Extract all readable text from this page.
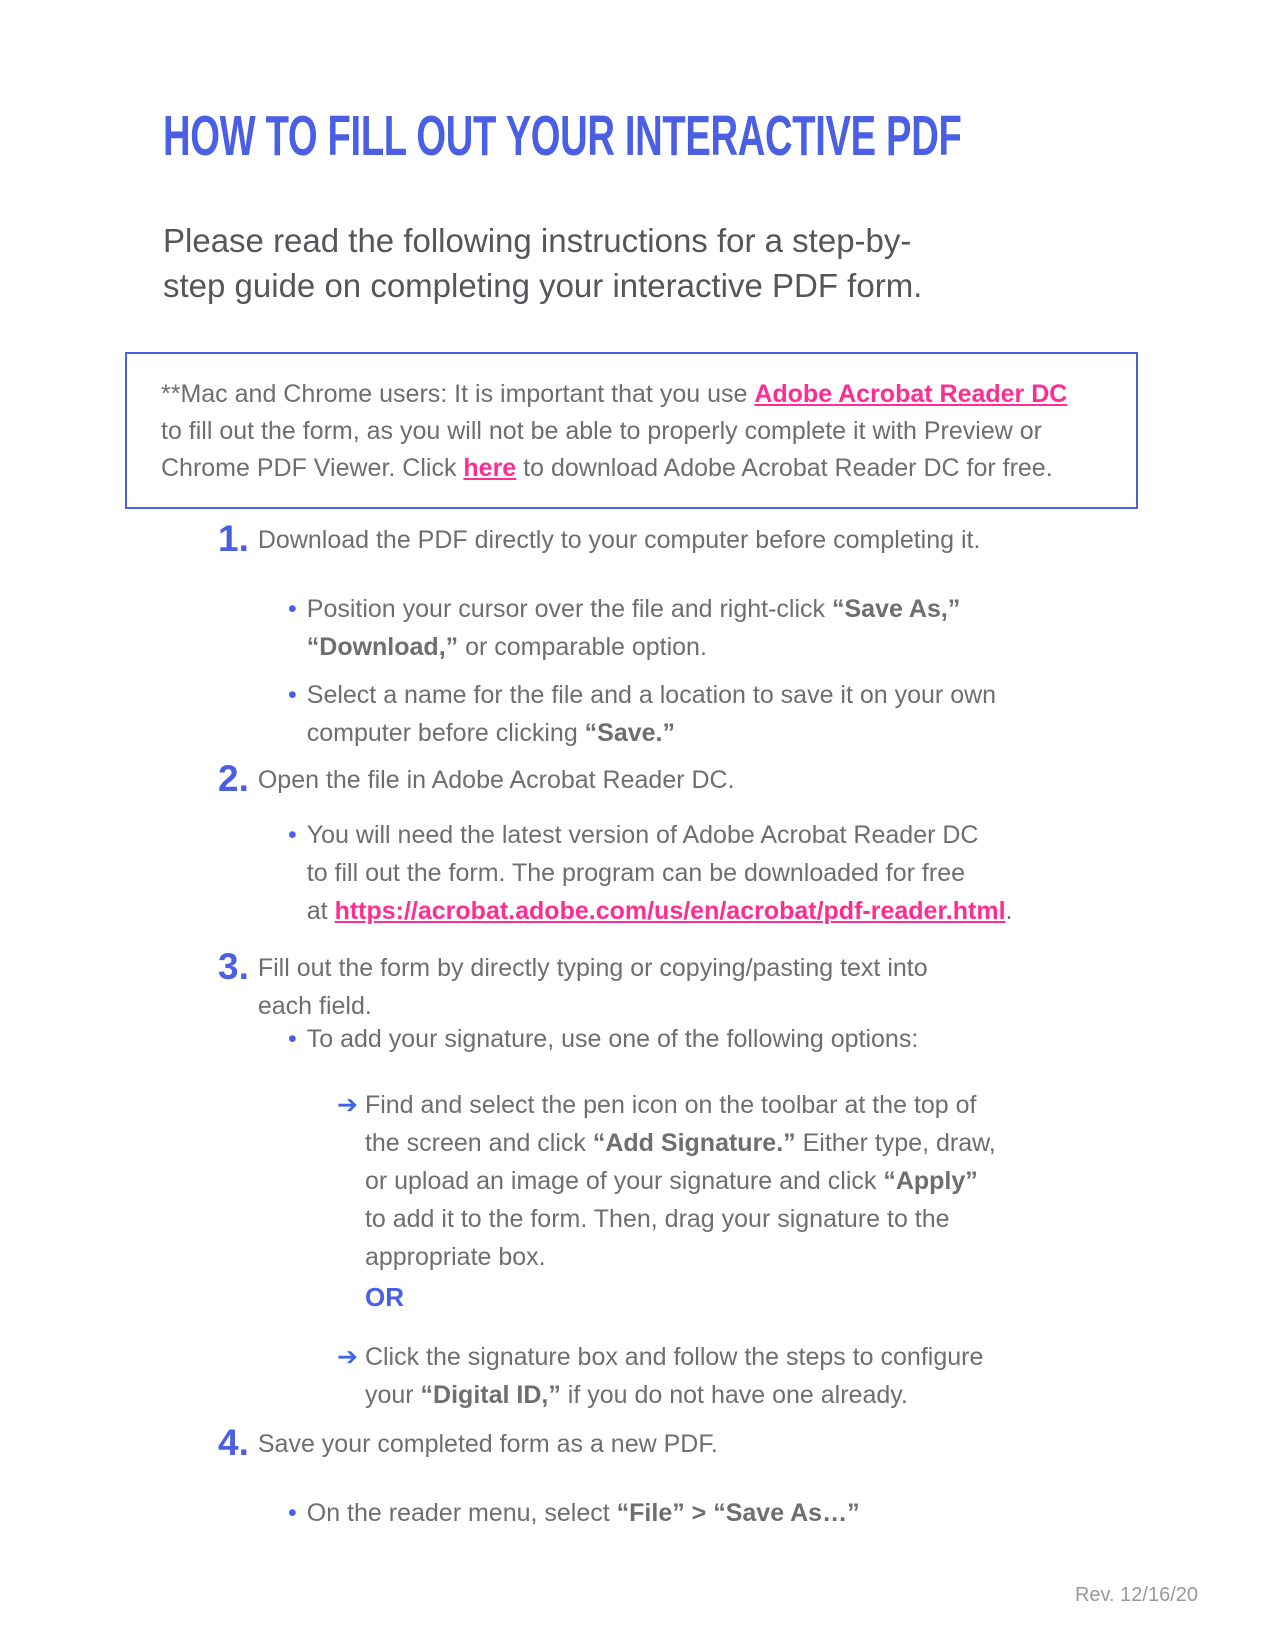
HOW TO FILL OUT YOUR INTERACTIVE PDF
Please read the following instructions for a step-by-
step guide on completing your interactive PDF form.
**Mac and Chrome users: It is important that you use Adobe Acrobat Reader DC
to fill out the form, as you will not be able to properly complete it with Preview or
Chrome PDF Viewer. Click here to download Adobe Acrobat Reader DC for free.
1. Download the PDF directly to your computer before completing it.
• Position your cursor over the file and right-click “Save As,”
“Download,” or comparable option.
• Select a name for the file and a location to save it on your own
computer before clicking “Save.”
2. Open the file in Adobe Acrobat Reader DC.
• You will need the latest version of Adobe Acrobat Reader DC
to fill out the form. The program can be downloaded for free
at https://acrobat.adobe.com/us/en/acrobat/pdf-reader.html.
3. Fill out the form by directly typing or copying/pasting text into
each field.
• To add your signature, use one of the following options:
➔ Find and select the pen icon on the toolbar at the top of
the screen and click “Add Signature.” Either type, draw,
or upload an image of your signature and click “Apply”
to add it to the form. Then, drag your signature to the
appropriate box.
OR
➔ Click the signature box and follow the steps to configure
your “Digital ID,” if you do not have one already.
4. Save your completed form as a new PDF.
• On the reader menu, select “File” > “Save As…”
Rev. 12/16/20
